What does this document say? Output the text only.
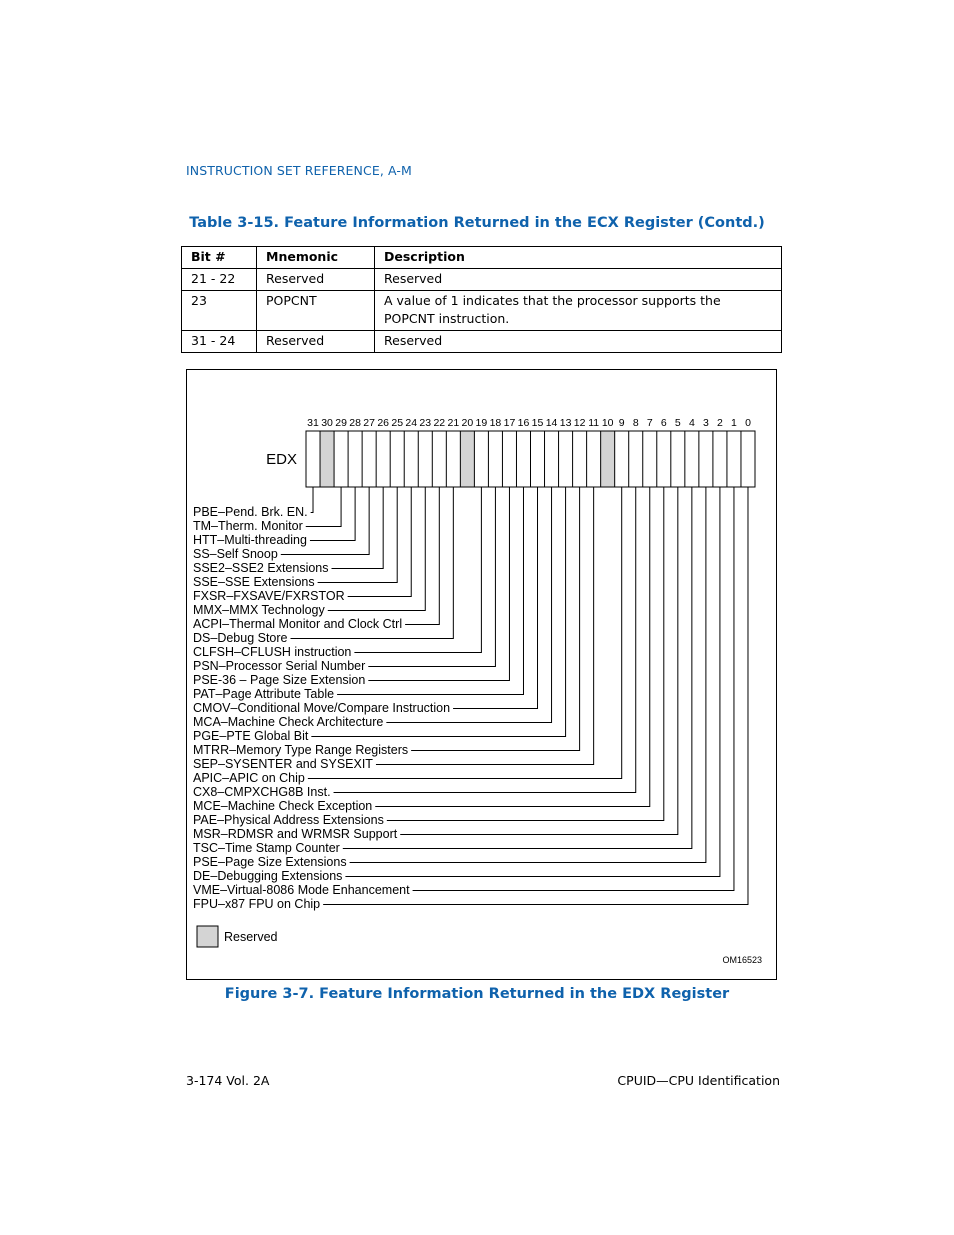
INSTRUCTION SET REFERENCE, A-M
Table 3-15. Feature Information Returned in the ECX Register (Contd.)
Bit #	Mnemonic	Description
21 - 22	Reserved	Reserved
23	POPCNT	A value of 1 indicates that the processor supports the POPCNT instruction.
31 - 24	Reserved	Reserved
31 30 29 28 27 26 25 24 23 22 21 20 19 18 17 16 15 14 13 12 11 10 9 8 7 6 5 4 3 2 1 0
EDX
PBE–Pend. Brk. EN.
TM–Therm. Monitor
HTT–Multi-threading
SS–Self Snoop
SSE2–SSE2 Extensions
SSE–SSE Extensions
FXSR–FXSAVE/FXRSTOR
MMX–MMX Technology
ACPI–Thermal Monitor and Clock Ctrl
DS–Debug Store
CLFSH–CFLUSH instruction
PSN–Processor Serial Number
PSE-36 – Page Size Extension
PAT–Page Attribute Table
CMOV–Conditional Move/Compare Instruction
MCA–Machine Check Architecture
PGE–PTE Global Bit
MTRR–Memory Type Range Registers
SEP–SYSENTER and SYSEXIT
APIC–APIC on Chip
CX8–CMPXCHG8B Inst.
MCE–Machine Check Exception
PAE–Physical Address Extensions
MSR–RDMSR and WRMSR Support
TSC–Time Stamp Counter
PSE–Page Size Extensions
DE–Debugging Extensions
VME–Virtual-8086 Mode Enhancement
FPU–x87 FPU on Chip
Reserved
OM16523
Figure 3-7. Feature Information Returned in the EDX Register
3-174 Vol. 2A	CPUID—CPU Identification
